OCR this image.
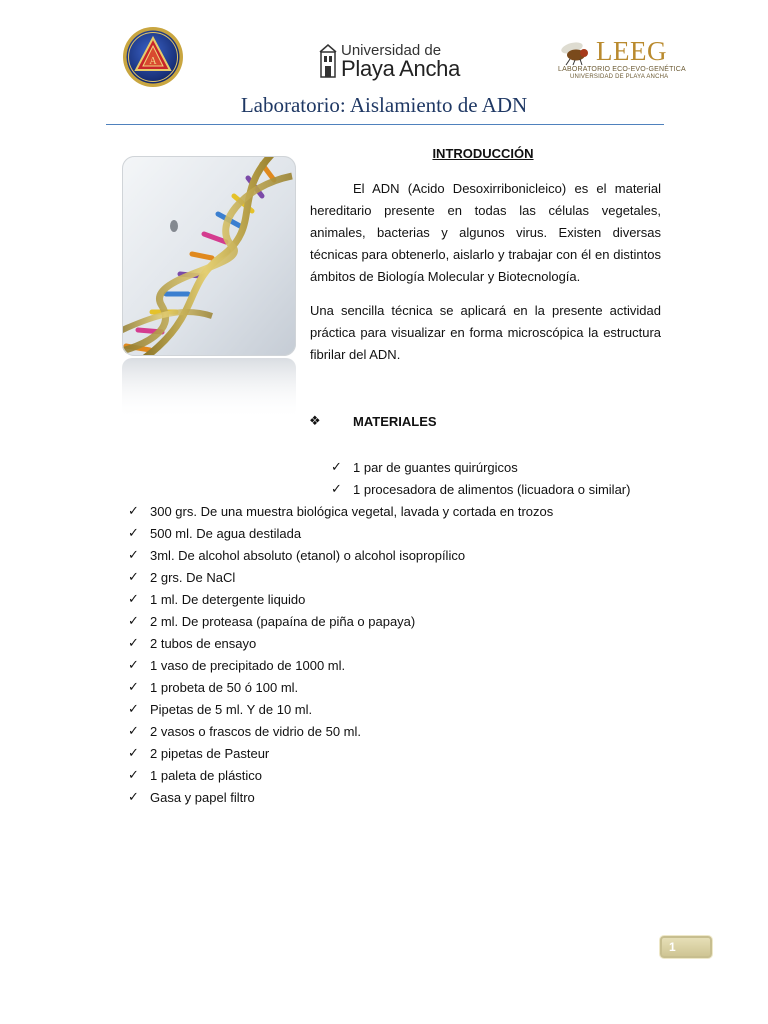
A
Universidad de
Playa Ancha
LEEG
LABORATORIO ECO-EVO-GENÉTICA
UNIVERSIDAD DE PLAYA ANCHA
Laboratorio: Aislamiento de ADN
INTRODUCCIÓN
El ADN (Acido Desoxirribonicleico) es el material hereditario presente en todas las células vegetales, animales, bacterias y algunos virus. Existen diversas técnicas para obtenerlo, aislarlo y trabajar con él en distintos ámbitos de Biología Molecular y Biotecnología.
Una sencilla técnica se aplicará en la presente actividad práctica para visualizar en forma microscópica la estructura fibrilar del ADN.
❖ MATERIALES
✓ 1 par de guantes quirúrgicos
✓ 1 procesadora de alimentos (licuadora o similar)
✓ 300 grs. De una muestra biológica vegetal, lavada y cortada en trozos
✓ 500 ml. De agua destilada
✓ 3ml. De alcohol absoluto (etanol) o alcohol isopropílico
✓ 2 grs. De NaCl
✓ 1 ml. De detergente liquido
✓ 2 ml. De proteasa (papaína de piña o papaya)
✓ 2 tubos de ensayo
✓ 1 vaso de precipitado de 1000 ml.
✓ 1 probeta de 50 ó 100 ml.
✓ Pipetas de 5 ml. Y de 10 ml.
✓ 2 vasos o frascos de vidrio de 50 ml.
✓ 2 pipetas de Pasteur
✓ 1 paleta de plástico
✓ Gasa y papel filtro
1
